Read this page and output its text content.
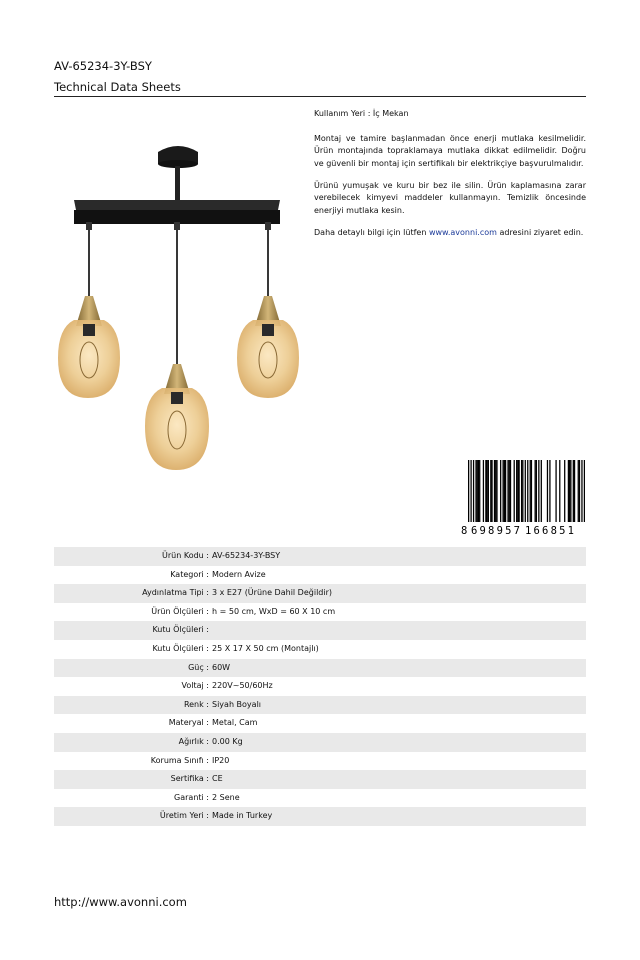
AV-65234-3Y-BSY
Technical Data Sheets
Kullanım Yeri : İç Mekan
Montaj ve tamire başlanmadan önce enerji mutlaka kesilmelidir. Ürün montajında topraklamaya mutlaka dikkat edilmelidir. Doğru ve güvenli bir montaj için sertifikalı bir elektrikçiye başvurulmalıdır.
Ürünü yumuşak ve kuru bir bez ile silin. Ürün kaplamasına zarar verebilecek kimyevi maddeler kullanmayın. Temizlik öncesinde enerjiyi mutlaka kesin.
Daha detaylı bilgi için lütfen www.avonni.com adresini ziyaret edin.
8 698957 166851
Ürün Kodu : AV-65234-3Y-BSY
Kategori : Modern Avize
Aydınlatma Tipi : 3 x E27 (Ürüne Dahil Değildir)
Ürün Ölçüleri : h = 50 cm, WxD = 60 X 10 cm
Kutu Ölçüleri :
Kutu Ölçüleri : 25 X 17 X 50 cm (Montajlı)
Güç : 60W
Voltaj : 220V~50/60Hz
Renk : Siyah Boyalı
Materyal : Metal, Cam
Ağırlık : 0.00 Kg
Koruma Sınıfı : IP20
Sertifika : CE
Garanti : 2 Sene
Üretim Yeri : Made in Turkey
http://www.avonni.com
